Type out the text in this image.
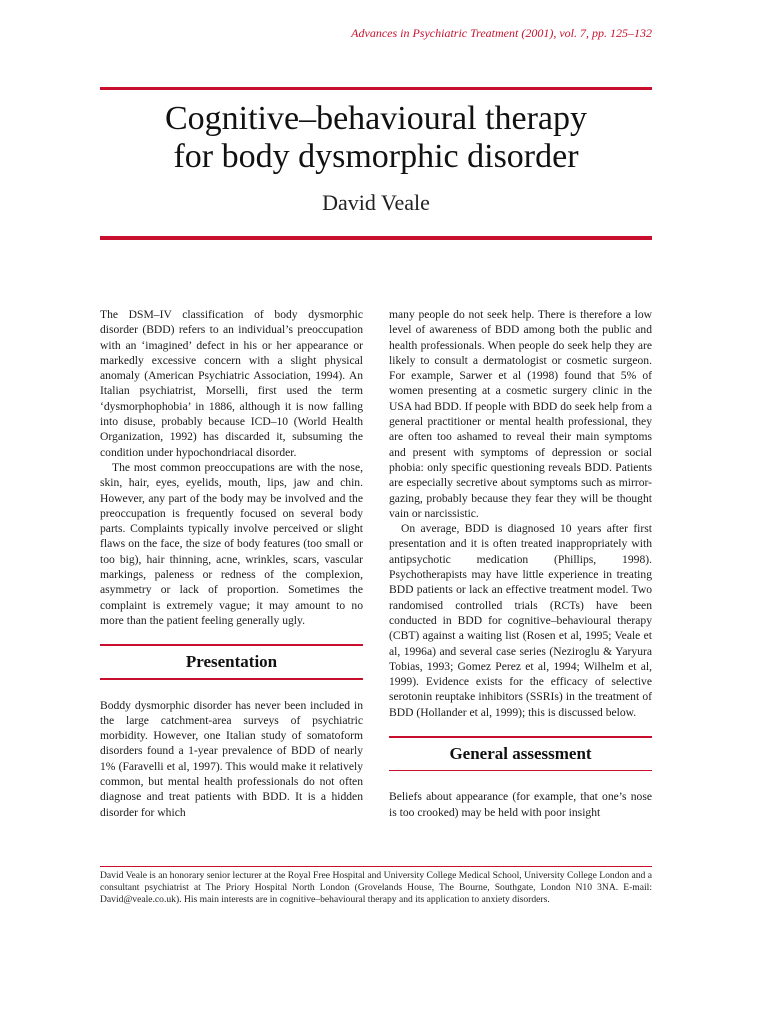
Advances in Psychiatric Treatment (2001), vol. 7, pp. 125–132
Cognitive–behavioural therapy
for body dysmorphic disorder
David Veale

The DSM–IV classification of body dysmorphic disorder (BDD) refers to an individual’s preoccupation with an ‘imagined’ defect in his or her appearance or markedly excessive concern with a slight physical anomaly (American Psychiatric Association, 1994). An Italian psychiatrist, Morselli, first used the term ‘dysmorphophobia’ in 1886, although it is now falling into disuse, probably because ICD–10 (World Health Organization, 1992) has discarded it, subsuming the condition under hypochondriacal disorder.

The most common preoccupations are with the nose, skin, hair, eyes, eyelids, mouth, lips, jaw and chin. However, any part of the body may be involved and the preoccupation is frequently focused on several body parts. Complaints typically involve perceived or slight flaws on the face, the size of body features (too small or too big), hair thinning, acne, wrinkles, scars, vascular markings, paleness or redness of the complexion, asymmetry or lack of proportion. Sometimes the complaint is extremely vague; it may amount to no more than the patient feeling generally ugly.

Presentation

Boddy dysmorphic disorder has never been included in the large catchment-area surveys of psychiatric morbidity. However, one Italian study of somatoform disorders found a 1-year prevalence of BDD of nearly 1% (Faravelli et al, 1997). This would make it relatively common, but mental health professionals do not often diagnose and treat patients with BDD. It is a hidden disorder for which

many people do not seek help. There is therefore a low level of awareness of BDD among both the public and health professionals. When people do seek help they are likely to consult a dermatologist or cosmetic surgeon. For example, Sarwer et al (1998) found that 5% of women presenting at a cosmetic surgery clinic in the USA had BDD. If people with BDD do seek help from a general practitioner or mental health professional, they are often too ashamed to reveal their main symptoms and present with symptoms of depression or social phobia: only specific questioning reveals BDD. Patients are especially secretive about symptoms such as mirror-gazing, probably because they fear they will be thought vain or narcissistic.

On average, BDD is diagnosed 10 years after first presentation and it is often treated inappropriately with antipsychotic medication (Phillips, 1998). Psychotherapists may have little experience in treating BDD patients or lack an effective treatment model. Two randomised controlled trials (RCTs) have been conducted in BDD for cognitive–behavioural therapy (CBT) against a waiting list (Rosen et al, 1995; Veale et al, 1996a) and several case series (Neziroglu & Yaryura Tobias, 1993; Gomez Perez et al, 1994; Wilhelm et al, 1999). Evidence exists for the efficacy of selective serotonin reuptake inhibitors (SSRIs) in the treatment of BDD (Hollander et al, 1999); this is discussed below.

General assessment

Beliefs about appearance (for example, that one’s nose is too crooked) may be held with poor insight

David Veale is an honorary senior lecturer at the Royal Free Hospital and University College Medical School, University College London and a consultant psychiatrist at The Priory Hospital North London (Grovelands House, The Bourne, Southgate, London N10 3NA. E-mail: David@veale.co.uk). His main interests are in cognitive–behavioural therapy and its application to anxiety disorders.
